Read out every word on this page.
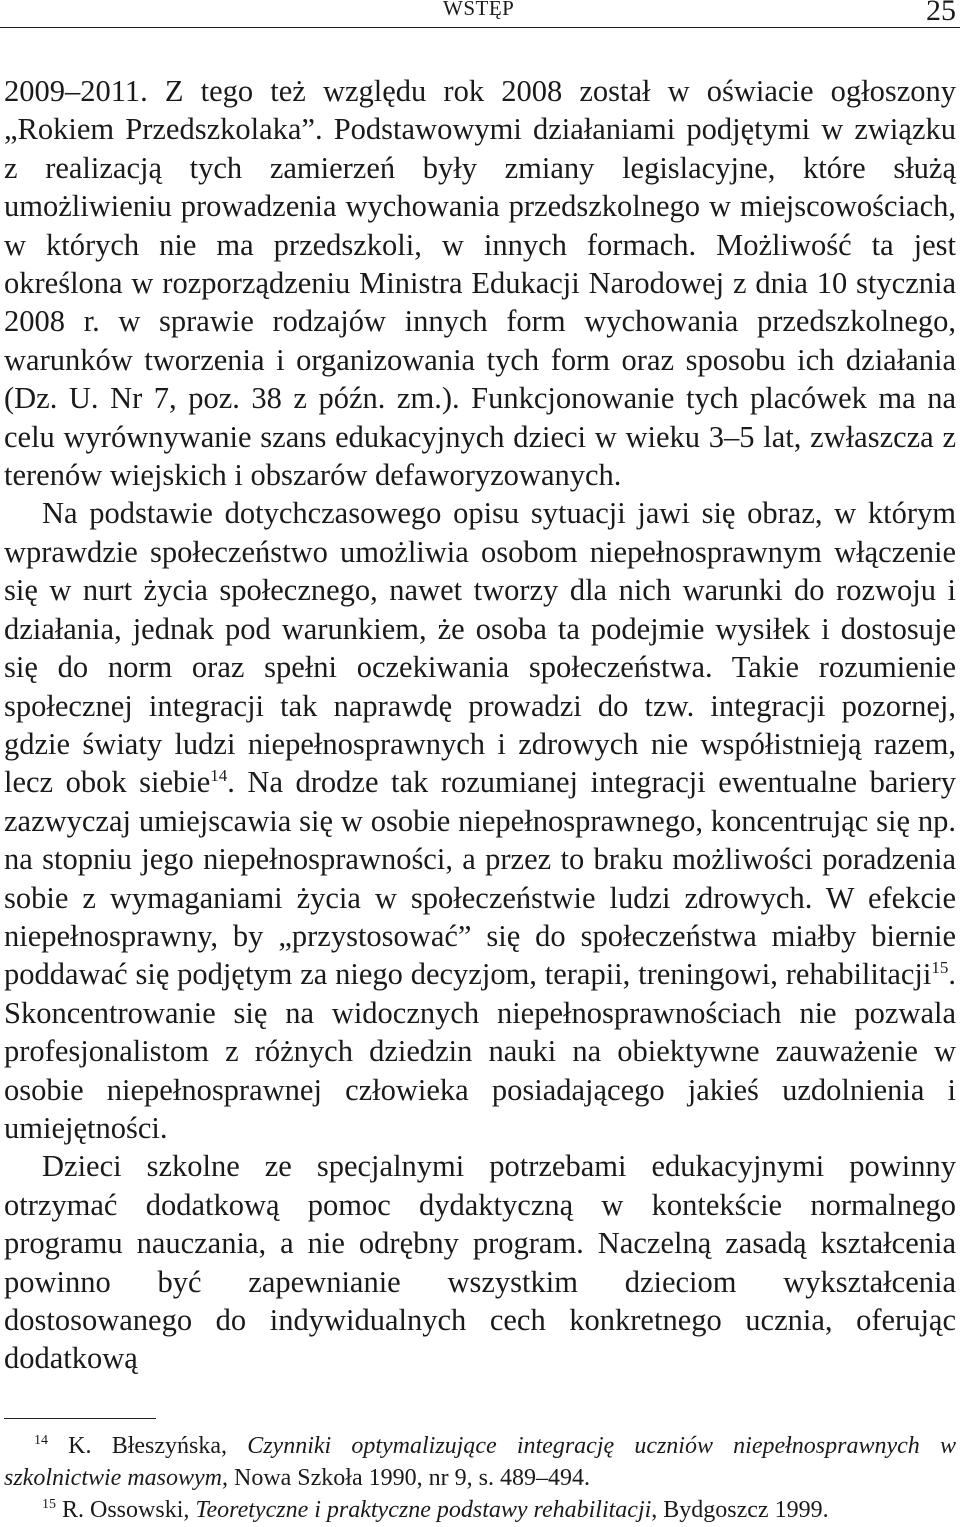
WSTĘP	25

2009–2011. Z tego też względu rok 2008 został w oświacie ogłoszony „Rokiem Przedszkolaka”. Podstawowymi działaniami podjętymi w związku z realizacją tych zamierzeń były zmiany legislacyjne, które służą umożliwieniu prowadzenia wychowania przedszkolnego w miejscowościach, w których nie ma przedszkoli, w innych formach. Możliwość ta jest określona w rozporządzeniu Ministra Edukacji Narodowej z dnia 10 stycznia 2008 r. w sprawie rodzajów innych form wychowania przedszkolnego, warunków tworzenia i organizowania tych form oraz sposobu ich działania (Dz. U. Nr 7, poz. 38 z późn. zm.). Funkcjonowanie tych placówek ma na celu wyrównywanie szans edukacyjnych dzieci w wieku 3–5 lat, zwłaszcza z terenów wiejskich i obszarów defaworyzowanych.

Na podstawie dotychczasowego opisu sytuacji jawi się obraz, w którym wprawdzie społeczeństwo umożliwia osobom niepełnosprawnym włączenie się w nurt życia społecznego, nawet tworzy dla nich warunki do rozwoju i działania, jednak pod warunkiem, że osoba ta podejmie wysiłek i dostosuje się do norm oraz spełni oczekiwania społeczeństwa. Takie rozumienie społecznej integracji tak naprawdę prowadzi do tzw. integracji pozornej, gdzie światy ludzi niepełnosprawnych i zdrowych nie współistnieją razem, lecz obok siebie$^{14}$. Na drodze tak rozumianej integracji ewentualne bariery zazwyczaj umiejscawia się w osobie niepełnosprawnego, koncentrując się np. na stopniu jego niepełnosprawności, a przez to braku możliwości poradzenia sobie z wymaganiami życia w społeczeństwie ludzi zdrowych. W efekcie niepełnosprawny, by „przystosować” się do społeczeństwa miałby biernie poddawać się podjętym za niego decyzjom, terapii, treningowi, rehabilitacji$^{15}$. Skoncentrowanie się na widocznych niepełnosprawnościach nie pozwala profesjonalistom z różnych dziedzin nauki na obiektywne zauważenie w osobie niepełnosprawnej człowieka posiadającego jakieś uzdolnienia i umiejętności.

Dzieci szkolne ze specjalnymi potrzebami edukacyjnymi powinny otrzymać dodatkową pomoc dydaktyczną w kontekście normalnego programu nauczania, a nie odrębny program. Naczelną zasadą kształcenia powinno być zapewnianie wszystkim dzieciom wykształcenia dostosowanego do indywidualnych cech konkretnego ucznia, oferując dodatkową

$^{14}$ K. Błeszyńska, Czynniki optymalizujące integrację uczniów niepełnosprawnych w szkolnictwie masowym, Nowa Szkoła 1990, nr 9, s. 489–494.

$^{15}$ R. Ossowski, Teoretyczne i praktyczne podstawy rehabilitacji, Bydgoszcz 1999.
